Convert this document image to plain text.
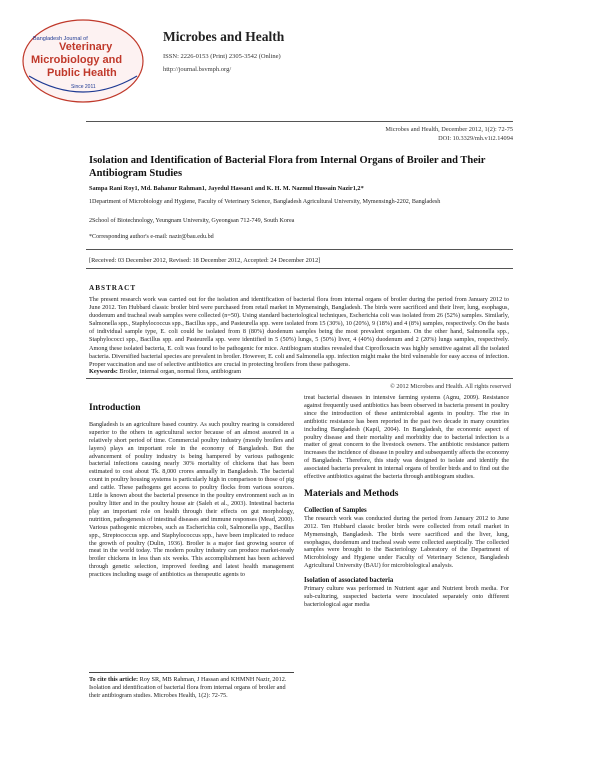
Bangladesh Journal of
Veterinary
Microbiology and
Public Health
Since 2011
Microbes and Health
ISSN: 2226-0153 (Print) 2305-3542 (Online)
http://journal.bsvmph.org/
Microbes and Health, December 2012, 1(2): 72-75
DOI: 10.3329/mh.v1i2.14094
Isolation and Identification of Bacterial Flora from Internal Organs of Broiler and Their Antibiogram Studies
Sampa Rani Roy1, Md. Bahanur Rahman1, Jayedul Hassan1 and K. H. M. Nazmul Hussain Nazir1,2*
1Department of Microbiology and Hygiene, Faculty of Veterinary Science, Bangladesh Agricultural University, Mymensingh-2202, Bangladesh
2School of Biotechnology, Yeungnam University, Gyeongsan 712-749, South Korea
*Corresponding author's e-mail: nazir@bau.edu.bd
[Received: 03 December 2012, Revised: 18 December 2012, Accepted: 24 December 2012]
ABSTRACT
The present research work was carried out for the isolation and identification of bacterial flora from internal organs of broiler during the period from January 2012 to June 2012. Ten Hubbard classic broiler bird were purchased from retail market in Mymensingh, Bangladesh. The birds were sacrificed and their liver, lung, esophagus, duodenum and tracheal swab samples were collected (n=50). Using standard bacteriological techniques, Escherichia coli was isolated from 26 (52%) samples. Similarly, Salmonella spp., Staphylococcus spp., Bacillus spp., and Pasteurella spp. were isolated from 15 (30%), 10 (20%), 9 (18%) and 4 (8%) samples, respectively. On the basis of individual sample type, E. coli could be isolated from 8 (80%) duodenum samples being the most prevalent organism. On the other hand, Salmonella spp., Staphylococci spp., Bacillus spp. and Pasteurella spp. were identified in 5 (50%) lungs, 5 (50%) liver, 4 (40%) duodenum and 2 (20%) lungs samples, respectively. Among these isolated bacteria, E. coli was found to be pathogenic for mice. Antibiogram studies revealed that Ciprofloxacin was highly sensitive against all the isolated bacteria. Diversified bacterial species are prevalent in broiler. However, E. coli and Salmonella spp. infection might make the bird vulnerable for easy access of infection. Proper vaccination and use of selective antibiotics are crucial in protecting broilers from these pathogens.
Keywords: Broiler, internal organ, normal flora, antibiogram
© 2012 Microbes and Health. All rights reserved
Introduction
Bangladesh is an agriculture based country. As such poultry rearing is considered superior to the others in agricultural sector because of an almost assured in a relatively short period of time. Commercial poultry industry (mostly broilers and layers) plays an important role in the economy of Bangladesh. But the advancement of poultry industry is being hampered by various pathogenic bacterial infections causing nearly 30% mortality of chickens that has been estimated to cost about Tk. 8,000 crores annually in Bangladesh. The bacterial count in poultry housing systems is particularly high in comparison to those of pig and cattle. These pathogens get access to poultry flocks from various sources. Little is known about the bacterial presence in the poultry environment such as in poultry litter and in the poultry house air (Saleh et al., 2003). Intestinal bacteria play an important role on health through their effects on gut morphology, nutrition, pathogenesis of intestinal diseases and immune responses (Mead, 2000). Various pathogenic microbes, such as Escherichia coli, Salmonella spp., Bacillus spp., Streptococcus spp. and Staphylococcus spp., have been implicated to reduce the growth of poultry (Dulin, 1936). Broiler is a major fast growing source of meat in the world today. The modern poultry industry can produce market-ready broiler chickens in less than six weeks. This accomplishment has been achieved through genetic selection, improved feeding and latest health management practices including usage of antibiotics as therapeutic agents to
To cite this article: Roy SR, MB Rahman, J Hassan and KHMNH Nazir, 2012. Isolation and identification of bacterial flora from internal organs of broiler and their antibiogram studies. Microbes Health, 1(2): 72-75.
treat bacterial diseases in intensive farming systems (Agnu, 2009). Resistance against frequently used antibiotics has been observed in bacteria present in poultry since the introduction of these antimicrobial agents in poultry. The rise in antibiotic resistance has been reported in the past two decade in many countries including Bangladesh (Kapil, 2004). In Bangladesh, the economic aspect of poultry disease and their mortality and morbidity due to bacterial infection is a matter of great concern to the livestock owners. The antibiotic resistance pattern increases the incidence of disease in poultry and subsequently affects the economy of Bangladesh. Therefore, this study was designed to isolate and identify the associated bacteria prevalent in internal organs of broiler birds and to find out the effective antibiotics against the bacteria through antibiogram studies.
Materials and Methods
Collection of Samples
The research work was conducted during the period from January 2012 to June 2012. Ten Hubbard classic broiler birds were collected from retail market in Mymensingh, Bangladesh. The birds were sacrificed and the liver, lung, esophagus, duodenum and tracheal swab were collected aseptically. The collected samples were brought to the Bacteriology Laboratory of the Department of Microbiology and Hygiene under Faculty of Veterinary Science, Bangladesh Agricultural University (BAU) for microbiological analysis.
Isolation of associated bacteria
Primary culture was performed in Nutrient agar and Nutrient broth media. For sub-culturing, suspected bacteria were inoculated separately onto different bacteriological agar media
